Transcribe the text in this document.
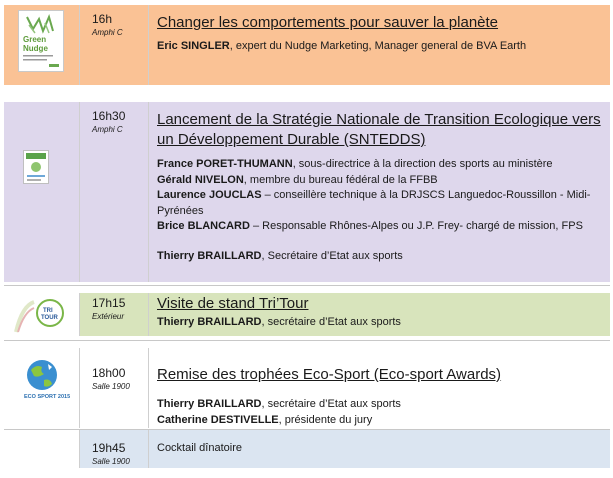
Green
Nudge
16h
Amphi C
Changer les comportements pour sauver la planète
Eric SINGLER, expert du Nudge Marketing, Manager general de BVA Earth
16h30
Amphi C
Lancement de la Stratégie Nationale de Transition Ecologique vers un Développement Durable (SNTEDDS)
France PORET-THUMANN, sous-directrice à la direction des sports au ministère
Gérald NIVELON, membre du bureau fédéral de la FFBB
Laurence JOUCLAS – conseillère technique à la DRJSCS Languedoc-Roussillon - Midi-Pyrénées
Brice BLANCARD – Responsable Rhônes-Alpes ou J.P. Frey- chargé de mission, FPS
Thierry BRAILLARD, Secrétaire d’Etat aux sports
TRI
TOUR
17h15
Extérieur
Visite de stand Tri’Tour
Thierry BRAILLARD, secrétaire d’Etat aux sports
ECO SPORT 2015
18h00
Salle 1900
Remise des trophées Eco-Sport (Eco-sport Awards)
Thierry BRAILLARD, secrétaire d’Etat aux sports
Catherine DESTIVELLE, présidente du jury
19h45
Salle 1900
Cocktail dînatoire
